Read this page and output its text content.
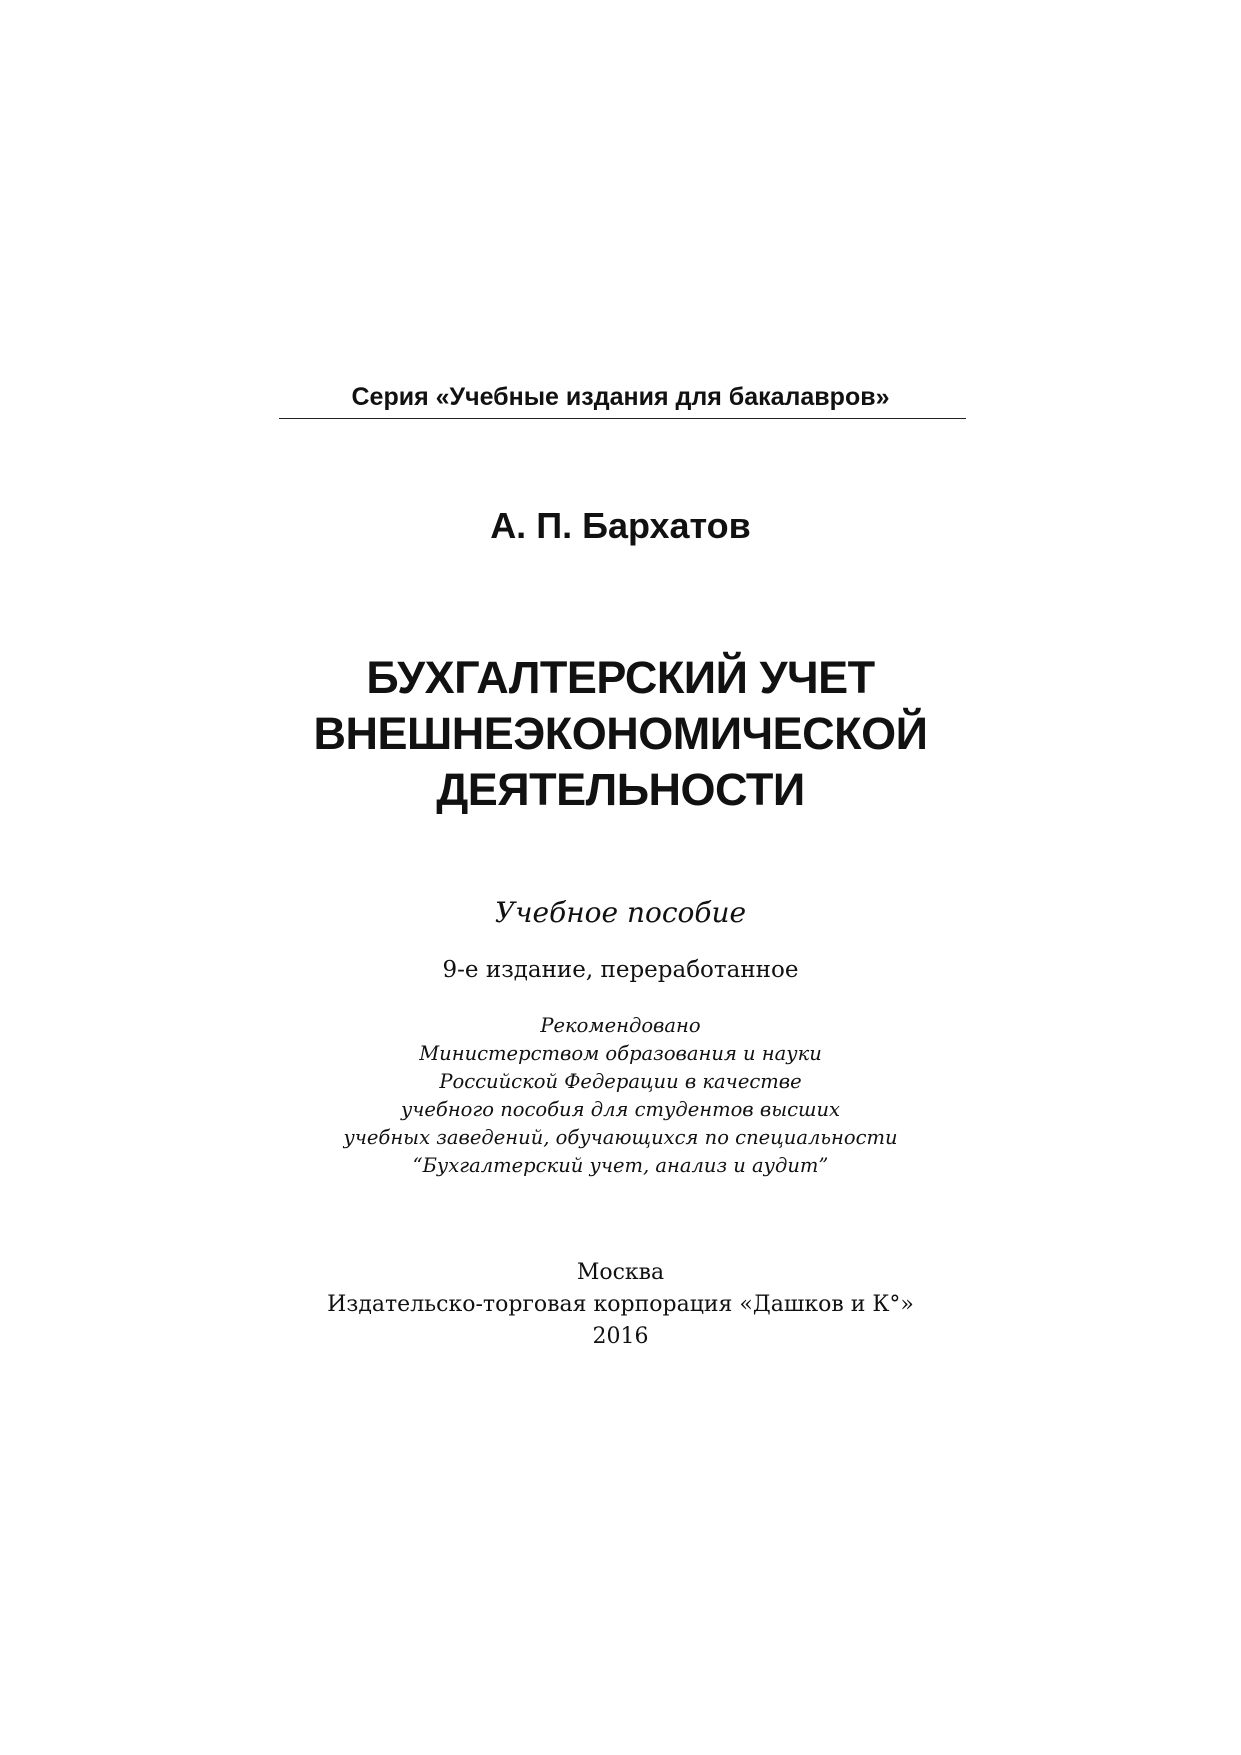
Серия «Учебные издания для бакалавров»
А. П. Бархатов
БУХГАЛТЕРСКИЙ УЧЕТ
ВНЕШНЕЭКОНОМИЧЕСКОЙ
ДЕЯТЕЛЬНОСТИ
Учебное пособие
9-е издание, переработанное
Рекомендовано
Министерством образования и науки
Российской Федерации в качестве
учебного пособия для студентов высших
учебных заведений, обучающихся по специальности
“Бухгалтерский учет, анализ и аудит”
Москва
Издательско-торговая корпорация «Дашков и К°»
2016
